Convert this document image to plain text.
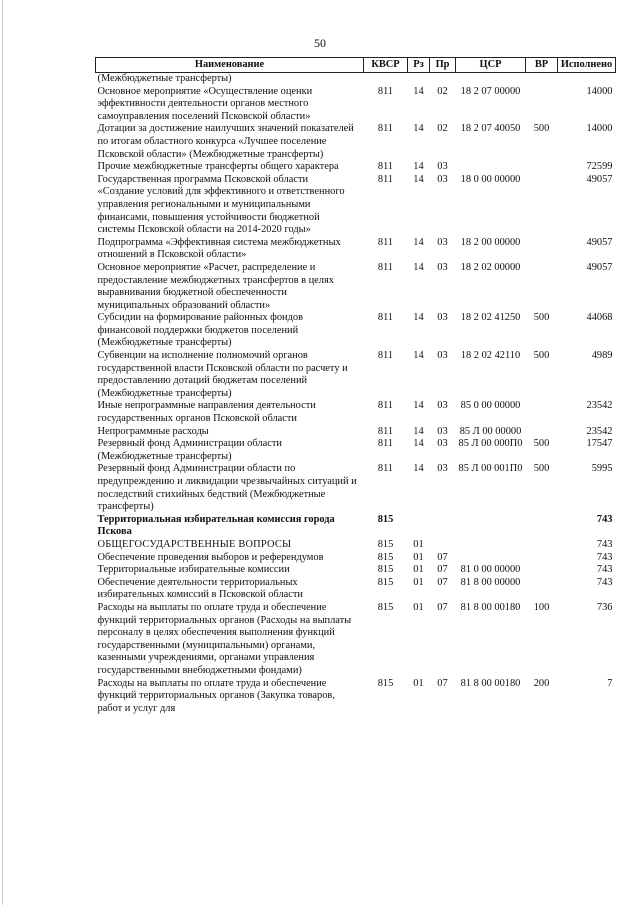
50
Наименование	КВСР	Рз	Пр	ЦСР	ВР	Исполнено
(Межбюджетные трансферты)						
Основное мероприятие «Осуществление оценки эффективности деятельности органов местного самоуправления поселений Псковской области»	811	14	02	18 2 07 00000		14000
Дотации за достижение наилучших значений показателей по итогам областного конкурса «Лучшее поселение Псковской области» (Межбюджетные трансферты)	811	14	02	18 2 07 40050	500	14000
Прочие межбюджетные трансферты общего характера	811	14	03			72599
Государственная программа Псковской области «Создание условий для эффективного и ответственного управления региональными и муниципальными финансами, повышения устойчивости бюджетной системы Псковской области на 2014-2020 годы»	811	14	03	18 0 00 00000		49057
Подпрограмма «Эффективная система межбюджетных отношений в Псковской области»	811	14	03	18 2 00 00000		49057
Основное мероприятие «Расчет, распределение и предоставление межбюджетных трансфертов в целях выравнивания бюджетной обеспеченности муниципальных образований области»	811	14	03	18 2 02 00000		49057
Субсидии на формирование районных фондов финансовой поддержки бюджетов поселений (Межбюджетные трансферты)	811	14	03	18 2 02 41250	500	44068
Субвенции на исполнение полномочий органов государственной власти Псковской области по расчету и предоставлению дотаций бюджетам поселений (Межбюджетные трансферты)	811	14	03	18 2 02 42110	500	4989
Иные непрограммные направления деятельности государственных органов Псковской области	811	14	03	85 0 00 00000		23542
Непрограммные расходы	811	14	03	85 Л 00 00000		23542
Резервный фонд Администрации области (Межбюджетные трансферты)	811	14	03	85 Л 00 000П0	500	17547
Резервный фонд Администрации области по предупреждению и ликвидации чрезвычайных ситуаций и последствий стихийных бедствий (Межбюджетные трансферты)	811	14	03	85 Л 00 001П0	500	5995
Территориальная избирательная комиссия города Пскова	815					743
ОБЩЕГОСУДАРСТВЕННЫЕ ВОПРОСЫ	815	01				743
Обеспечение проведения выборов и референдумов	815	01	07			743
Территориальные избирательные комиссии	815	01	07	81 0 00 00000		743
Обеспечение деятельности территориальных избирательных комиссий в Псковской области	815	01	07	81 8 00 00000		743
Расходы на выплаты по оплате труда и обеспечение функций территориальных органов (Расходы на выплаты персоналу в целях обеспечения выполнения функций государственными (муниципальными) органами, казенными учреждениями, органами управления государственными внебюджетными фондами)	815	01	07	81 8 00 00180	100	736
Расходы на выплаты по оплате труда и обеспечение функций территориальных органов (Закупка товаров, работ и услуг для	815	01	07	81 8 00 00180	200	7
